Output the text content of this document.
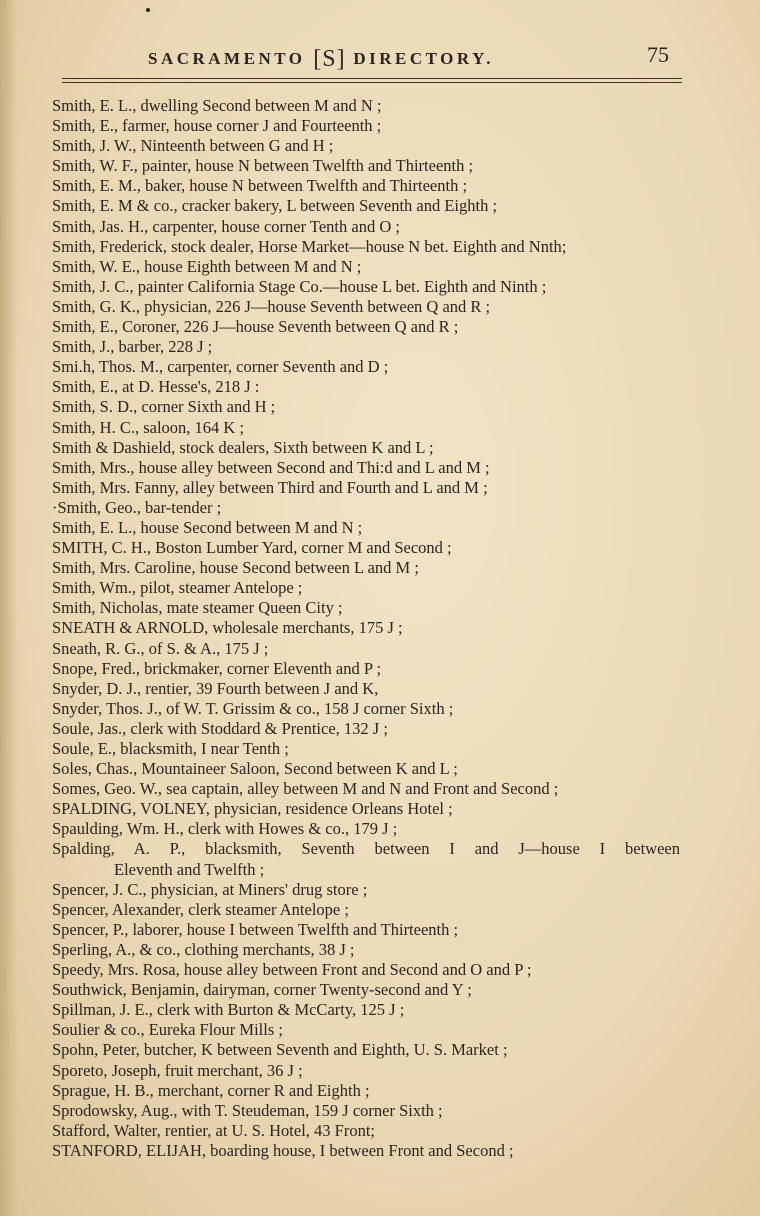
SACRAMENTO [S] DIRECTORY.	75
Smith, E. L., dwelling Second between M and N ;
Smith, E., farmer, house corner J and Fourteenth ;
Smith, J. W., Ninteenth between G and H ;
Smith, W. F., painter, house N between Twelfth and Thirteenth ;
Smith, E. M., baker, house N between Twelfth and Thirteenth ;
Smith, E. M & co., cracker bakery, L between Seventh and Eighth ;
Smith, Jas. H., carpenter, house corner Tenth and O ;
Smith, Frederick, stock dealer, Horse Market—house N bet. Eighth and Nnth;
Smith, W. E., house Eighth between M and N ;
Smith, J. C., painter California Stage Co.—house L bet. Eighth and Ninth ;
Smith, G. K., physician, 226 J—house Seventh between Q and R ;
Smith, E., Coroner, 226 J—house Seventh between Q and R ;
Smith, J., barber, 228 J ;
Smi.h, Thos. M., carpenter, corner Seventh and D ;
Smith, E., at D. Hesse's, 218 J :
Smith, S. D., corner Sixth and H ;
Smith, H. C., saloon, 164 K ;
Smith & Dashield, stock dealers, Sixth between K and L ;
Smith, Mrs., house alley between Second and Thi:d and L and M ;
Smith, Mrs. Fanny, alley between Third and Fourth and L and M ;
·Smith, Geo., bar-tender ;
Smith, E. L., house Second between M and N ;
SMITH, C. H., Boston Lumber Yard, corner M and Second ;
Smith, Mrs. Caroline, house Second between L and M ;
Smith, Wm., pilot, steamer Antelope ;
Smith, Nicholas, mate steamer Queen City ;
SNEATH & ARNOLD, wholesale merchants, 175 J ;
Sneath, R. G., of S. & A., 175 J ;
Snope, Fred., brickmaker, corner Eleventh and P ;
Snyder, D. J., rentier, 39 Fourth between J and K,
Snyder, Thos. J., of W. T. Grissim & co., 158 J corner Sixth ;
Soule, Jas., clerk with Stoddard & Prentice, 132 J ;
Soule, E., blacksmith, I near Tenth ;
Soles, Chas., Mountaineer Saloon, Second between K and L ;
Somes, Geo. W., sea captain, alley between M and N and Front and Second ;
SPALDING, VOLNEY, physician, residence Orleans Hotel ;
Spaulding, Wm. H., clerk with Howes & co., 179 J ;
Spalding, A. P., blacksmith, Seventh between I and J—house I between
Eleventh and Twelfth ;
Spencer, J. C., physician, at Miners' drug store ;
Spencer, Alexander, clerk steamer Antelope ;
Spencer, P., laborer, house I between Twelfth and Thirteenth ;
Sperling, A., & co., clothing merchants, 38 J ;
Speedy, Mrs. Rosa, house alley between Front and Second and O and P ;
Southwick, Benjamin, dairyman, corner Twenty-second and Y ;
Spillman, J. E., clerk with Burton & McCarty, 125 J ;
Soulier & co., Eureka Flour Mills ;
Spohn, Peter, butcher, K between Seventh and Eighth, U. S. Market ;
Sporeto, Joseph, fruit merchant, 36 J ;
Sprague, H. B., merchant, corner R and Eighth ;
Sprodowsky, Aug., with T. Steudeman, 159 J corner Sixth ;
Stafford, Walter, rentier, at U. S. Hotel, 43 Front;
STANFORD, ELIJAH, boarding house, I between Front and Second ;
